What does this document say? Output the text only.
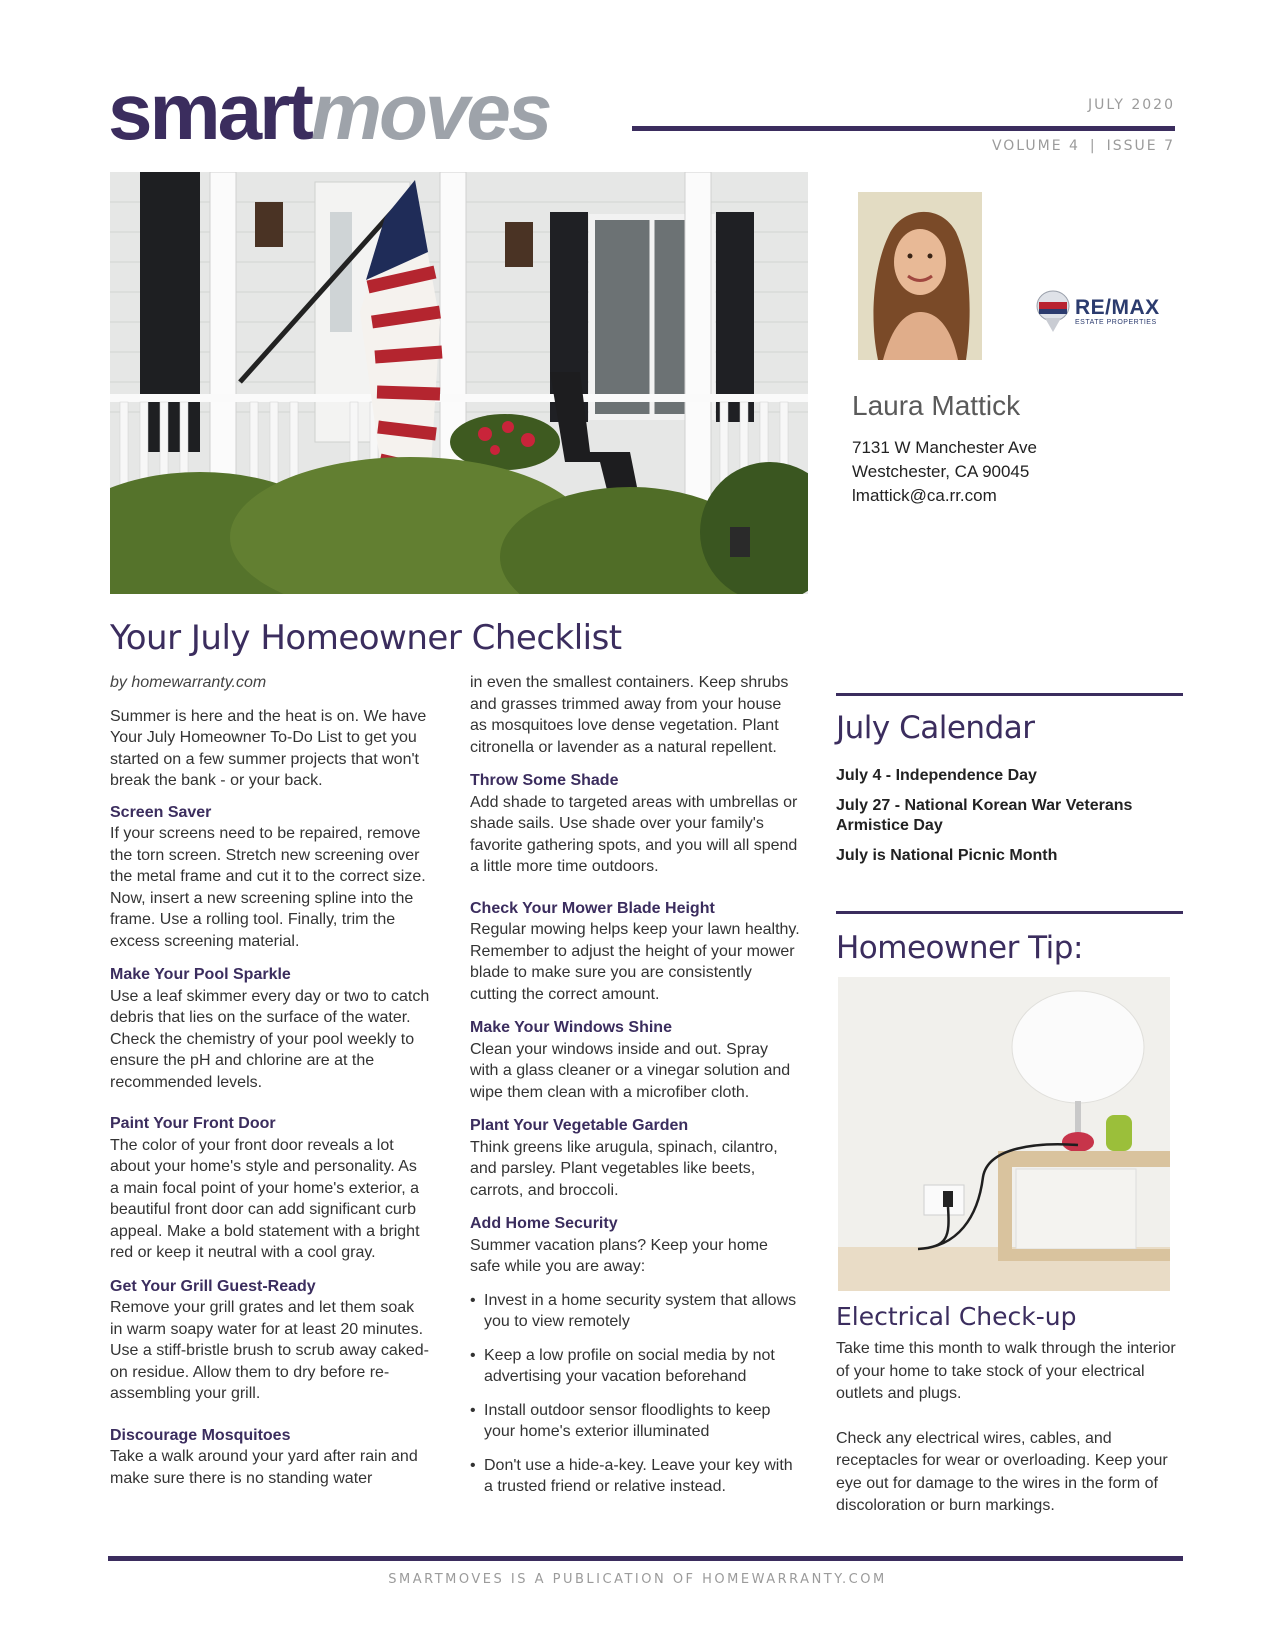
smartmoves	JULY 2020
VOLUME 4 | ISSUE 7
RE/MAX
ESTATE PROPERTIES
Laura Mattick
7131 W Manchester Ave
Westchester, CA 90045
lmattick@ca.rr.com
Your July Homeowner Checklist

by homewarranty.com

Summer is here and the heat is on. We have Your July Homeowner To-Do List to get you started on a few summer projects that won't break the bank - or your back.

Screen Saver
If your screens need to be repaired, remove the torn screen. Stretch new screening over the metal frame and cut it to the correct size. Now, insert a new screening spline into the frame. Use a rolling tool. Finally, trim the excess screening material.
Make Your Pool Sparkle
Use a leaf skimmer every day or two to catch debris that lies on the surface of the water. Check the chemistry of your pool weekly to ensure the pH and chlorine are at the recommended levels.
Paint Your Front Door
The color of your front door reveals a lot about your home's style and personality. As a main focal point of your home's exterior, a beautiful front door can add significant curb appeal. Make a bold statement with a bright red or keep it neutral with a cool gray.
Get Your Grill Guest-Ready
Remove your grill grates and let them soak in warm soapy water for at least 20 minutes. Use a stiff-bristle brush to scrub away caked-on residue. Allow them to dry before re-assembling your grill.
Discourage Mosquitoes
Take a walk around your yard after rain and make sure there is no standing water

in even the smallest containers. Keep shrubs and grasses trimmed away from your house as mosquitoes love dense vegetation. Plant citronella or lavender as a natural repellent.

Throw Some Shade
Add shade to targeted areas with umbrellas or shade sails. Use shade over your family's favorite gathering spots, and you will all spend a little more time outdoors.
Check Your Mower Blade Height
Regular mowing helps keep your lawn healthy. Remember to adjust the height of your mower blade to make sure you are consistently cutting the correct amount.
Make Your Windows Shine
Clean your windows inside and out. Spray with a glass cleaner or a vinegar solution and wipe them clean with a microfiber cloth.
Plant Your Vegetable Garden
Think greens like arugula, spinach, cilantro, and parsley. Plant vegetables like beets, carrots, and broccoli.
Add Home Security
Summer vacation plans? Keep your home safe while you are away:
• Invest in a home security system that allows you to view remotely
• Keep a low profile on social media by not advertising your vacation beforehand
• Install outdoor sensor floodlights to keep your home's exterior illuminated
• Don't use a hide-a-key. Leave your key with a trusted friend or relative instead.
July Calendar
July 4 - Independence Day
July 27 - National Korean War Veterans Armistice Day
July is National Picnic Month
Homeowner Tip:
Electrical Check-up

Take time this month to walk through the interior of your home to take stock of your electrical outlets and plugs.

Check any electrical wires, cables, and receptacles for wear or overloading. Keep your eye out for damage to the wires in the form of discoloration or burn markings.

SMARTMOVES IS A PUBLICATION OF HOMEWARRANTY.COM
